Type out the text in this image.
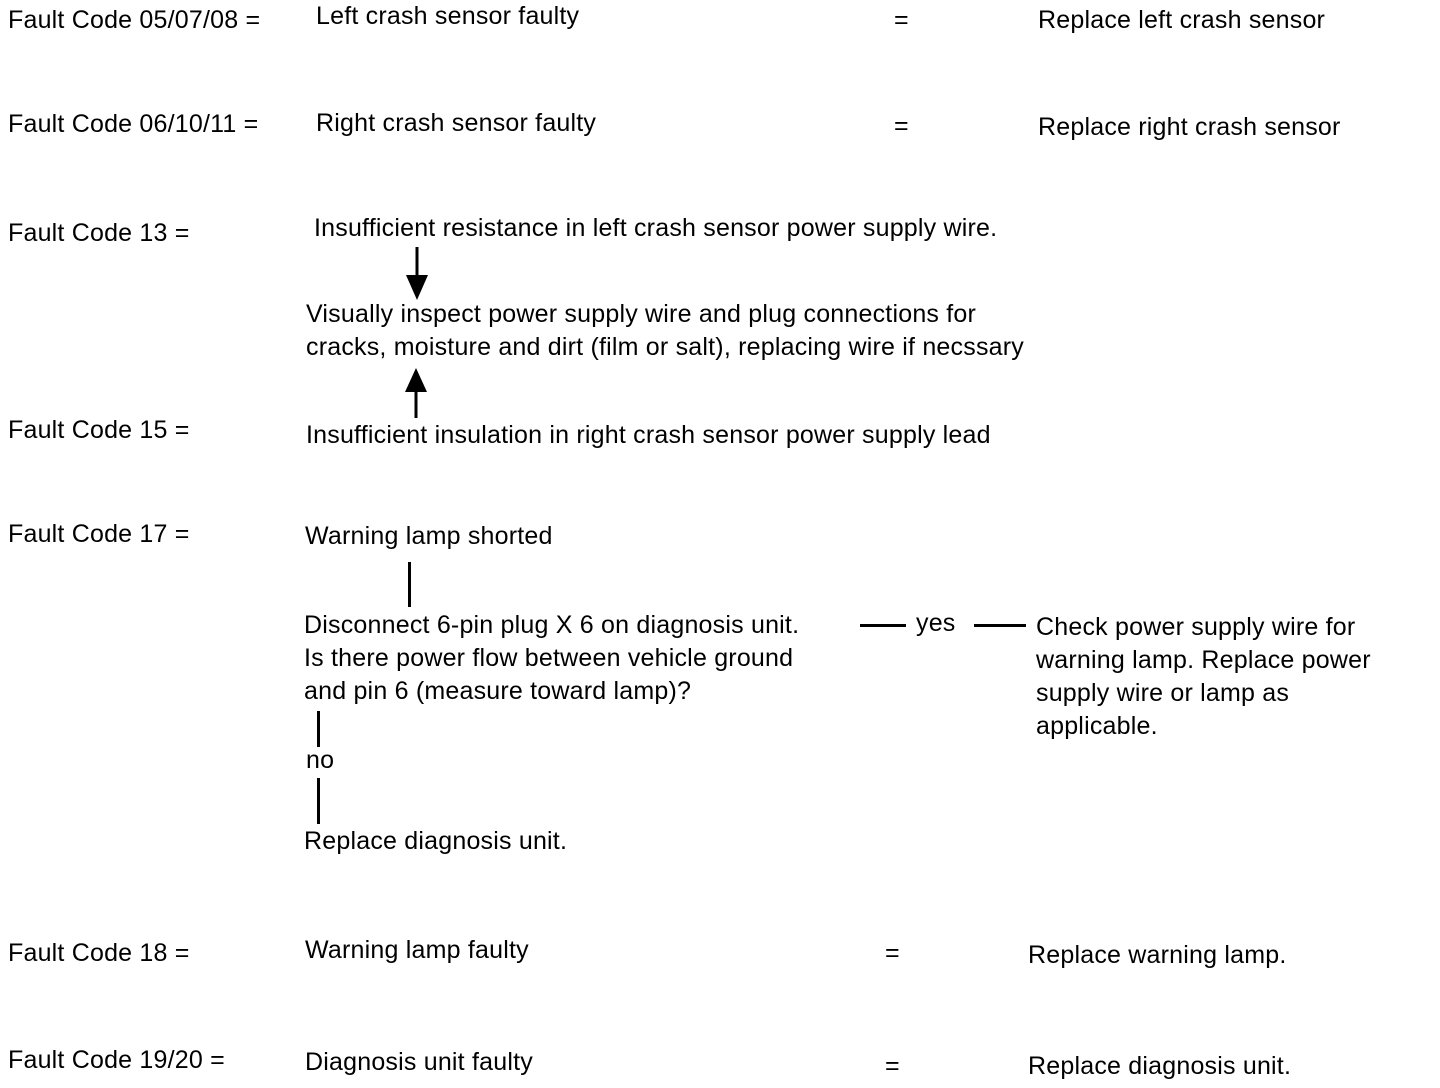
Fault Code 05/07/08 = Left crash sensor faulty	=	Replace left crash sensor
Fault Code 06/10/11 = Right crash sensor faulty	=	Replace right crash sensor
Fault Code 13 =	Insufficient resistance in left crash sensor power supply wire.
Visually inspect power supply wire and plug connections for
cracks, moisture and dirt (film or salt), replacing wire if necssary
Fault Code 15 =	Insufficient insulation in right crash sensor power supply lead
Fault Code 17 =	Warning lamp shorted
Disconnect 6-pin plug X 6 on diagnosis unit.
Is there power flow between vehicle ground
and pin 6 (measure toward lamp)?
yes	Check power supply wire for
warning lamp. Replace power
supply wire or lamp as
applicable.
no
Replace diagnosis unit.
Fault Code 18 =	Warning lamp faulty	=	Replace warning lamp.
Fault Code 19/20 =	Diagnosis unit faulty	=	Replace diagnosis unit.
